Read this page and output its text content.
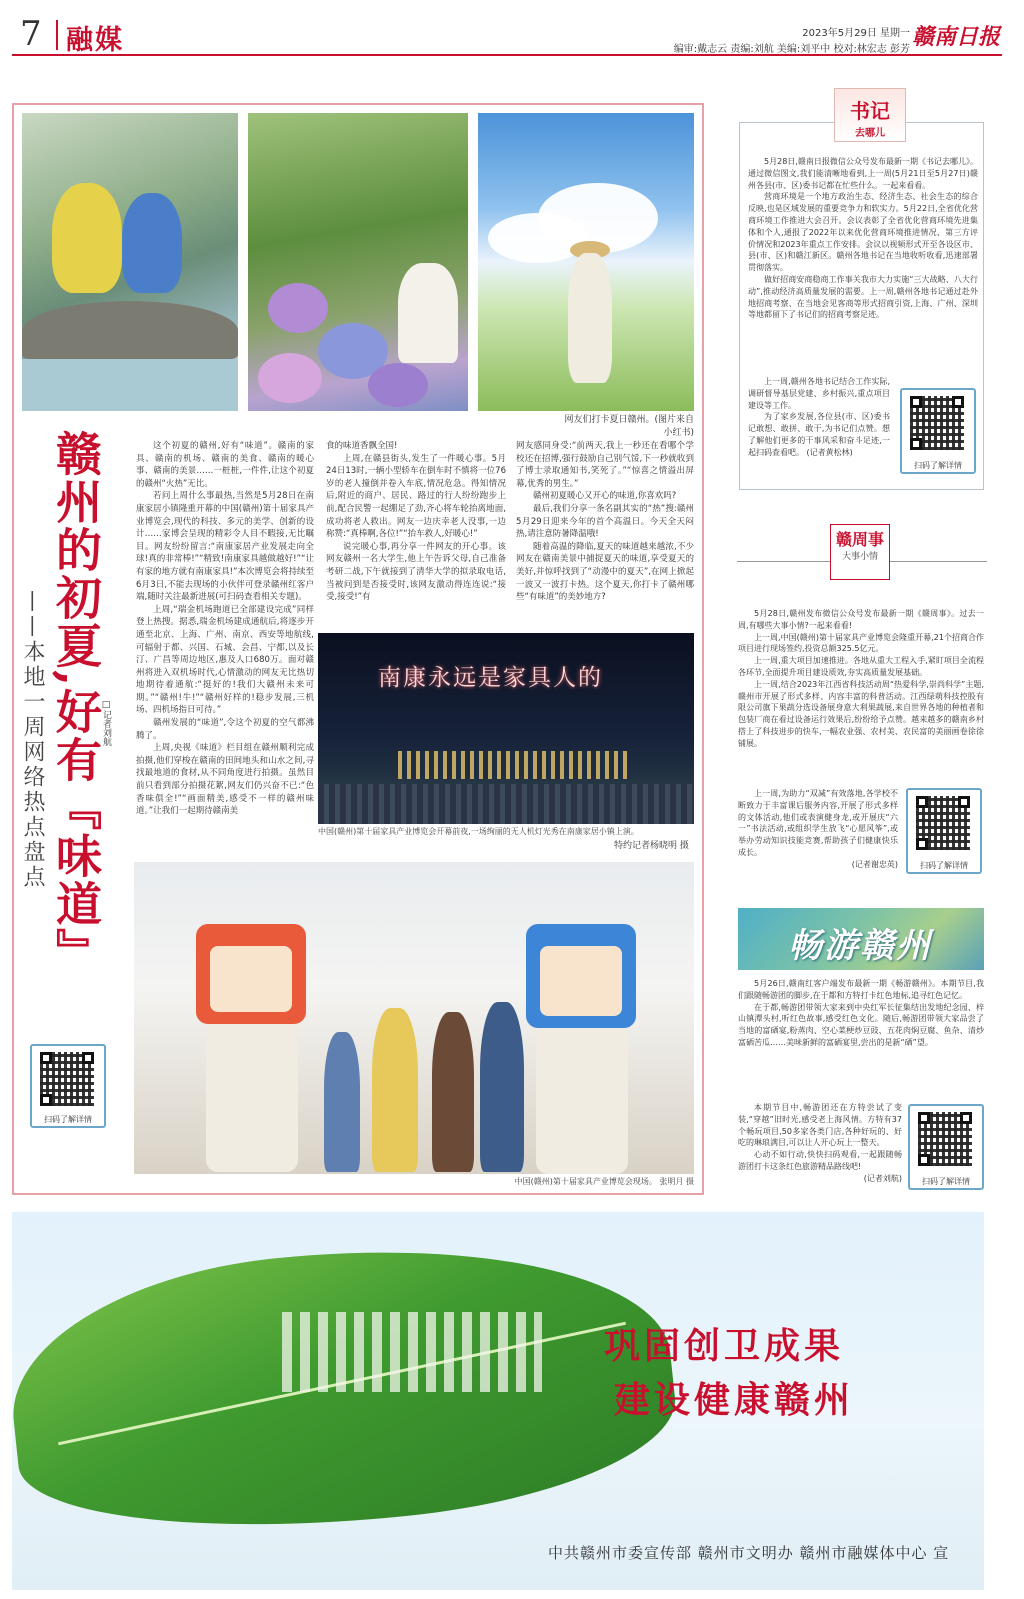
7 融媒	2023年5月29日 星期一
编审:戴志云 责编:刘航 美编:刘平中 校对:林宏志 彭芳 赣南日报
网友们打卡夏日赣州。(图片来自小红书)
赣州的初夏,好有『味道』
□记者刘航
——本地一周网络热点盘点
扫码了解详情

这个初夏的赣州,好有“味道”。赣南的家具、赣南的机场、赣南的美食、赣南的暖心事、赣南的美景……一桩桩,一件件,让这个初夏的赣州“火热”无比。

若问上周什么事最热,当然是5月28日在南康家居小镇隆重开幕的中国(赣州)第十届家具产业博览会,现代的科技、多元的美学、创新的设计……家博会呈现的精彩令人目不暇接,无比瞩目。网友纷纷留言:“南康家居产业发展走向全球!真的非常棒!”“精致!南康家具越做越好!”“让有家的地方就有南康家具!”本次博览会将持续至6月3日,不能去现场的小伙伴可登录赣州红客户端,随时关注最新进展(可扫码查看相关专题)。

上周,“瑞金机场跑道已全部建设完成”同样登上热搜。据悉,瑞金机场建成通航后,将逐步开通至北京、上海、广州、南京、西安等地航线,可辐射于都、兴国、石城、会昌、宁都,以及长汀、广昌等周边地区,惠及人口680万。面对赣州将进入双机场时代,心情激动的网友无比热切地期待着通航:“挺好的!我们大赣州未来可期。”“赣州!牛!”“赣州好样的!稳步发展,三机场、四机场指日可待。”

赣州发展的“味道”,令这个初夏的空气都沸腾了。

上周,央视《味道》栏目组在赣州顺利完成拍摄,他们穿梭在赣南的田间地头和山水之间,寻找最地道的食材,从不同角度进行拍摄。虽然目前只看到部分拍摄花絮,网友们仍兴奋不已:“色香味俱全!”“画面精美,感受不一样的赣州味道。”让我们一起期待赣南美

食的味道香飘全国!

上周,在赣县街头,发生了一件暖心事。5月24日13时,一辆小型轿车在倒车时不慎将一位76岁的老人撞倒并卷入车底,情况危急。得知情况后,附近的商户、居民、路过的行人纷纷跑步上前,配合民警一起绷足了劲,齐心将车轮抬离地面,成功将老人救出。网友一边庆幸老人没事,一边称赞:“真棒啊,各位!”“抬车救人,好暖心!”

说完暖心事,再分享一件网友的开心事。该网友赣州一名大学生,他上午告诉父母,自己准备考研二战,下午就接到了清华大学的拟录取电话,当被问到是否接受时,该网友激动得连连说:“接受,接受!”有

网友感同身受:“前两天,我上一秒还在看哪个学校还在招博,强行鼓励自己别气馁,下一秒就收到了博士录取通知书,笑死了。”“惊喜之情溢出屏幕,优秀的男生。”

赣州初夏暖心又开心的味道,你喜欢吗?

最后,我们分享一条名副其实的“热”搜:赣州5月29日迎来今年的首个高温日。今天全天闷热,请注意防暑降温哦!

随着高温的降临,夏天的味道越来越浓,不少网友在赣南美景中捕捉夏天的味道,享受夏天的美好,并惊呼找到了“动漫中的夏天”,在网上掀起一波又一波打卡热。这个夏天,你打卡了赣州哪些“有味道”的美妙地方?

南康永远是家具人的
中国(赣州)第十届家具产业博览会开幕前夜,一场绚丽的无人机灯光秀在南康家居小镇上演。
特约记者杨晓明 摄
中国(赣州)第十届家具产业博览会现场。 张明月 摄
书记
去哪儿

5月28日,赣南日报微信公众号发布最新一期《书记去哪儿》。通过微信图文,我们能清晰地看到,上一周(5月21日至5月27日)赣州各县(市、区)委书记都在忙些什么。一起来看看。

营商环境是一个地方政治生态、经济生态、社会生态的综合反映,也是区域发展的重要竞争力和软实力。5月22日,全省优化营商环境工作推进大会召开。会议表彰了全省优化营商环境先进集体和个人,通报了2022年以来优化营商环境推进情况、第三方评价情况和2023年重点工作安排。会议以视频形式开至各设区市、县(市、区)和赣江新区。赣州各地书记在当地收听收看,迅速部署贯彻落实。

做好招商安商稳商工作事关我市大力实施“三大战略、八大行动”,推动经济高质量发展的需要。上一周,赣州各地书记通过赴外地招商考察、在当地会见客商等形式招商引资,上海、广州、深圳等地都留下了书记们的招商考察足迹。

上一周,赣州各地书记结合工作实际,调研督导基层党建、乡村振兴,重点项目建设等工作。

为了家乡发展,各位县(市、区)委书记敢想、敢拼、敢干,为书记们点赞。想了解他们更多的干事风采和奋斗足迹,一起扫码查看吧。 (记者黄松林)

扫码了解详情
赣周事
大事小情

5月28日,赣州发布微信公众号发布最新一期《赣周事》。过去一周,有哪些大事小情?一起来看看!

上一周,中国(赣州)第十届家具产业博览会隆重开幕,21个招商合作项目进行现场签约,投资总额325.5亿元。

上一周,重大项目加速推进。各地从重大工程入手,紧盯项目全流程各环节,全面提升项目建设质效,夯实高质量发展基础。

上一周,结合2023年江西省科技活动周“热爱科学,崇尚科学”主题,赣州市开展了形式多样、内容丰富的科普活动。江西绿萌科技控股有限公司旗下果蔬分选设备展身意大利果蔬展,来自世界各地的种植者和包装厂商在看过设备运行效果后,纷纷给予点赞。越来越多的赣南乡村搭上了科技进步的快车,一幅农业强、农村美、农民富的美丽画卷徐徐铺展。

上一周,为助力“双减”有效落地,各学校不断致力于丰富课后服务内容,开展了形式多样的文体活动,他们或表演健身龙,或开展庆“六一”书法活动,或组织学生放飞“心愿风筝”,或举办劳动知识技能竞赛,帮助孩子们健康快乐成长。

(记者谢忠英)	扫码了解详情
畅游赣州

5月26日,赣南红客户端发布最新一期《畅游赣州》。本期节目,我们跟随畅游团的脚步,在于都和方特打卡红色地标,追寻红色记忆。

在于都,畅游团带领大家来到中央红军长征集结出发地纪念园、梓山镇潭头村,听红色故事,感受红色文化。随后,畅游团带领大家品尝了当地的富硒宴,粉蒸肉、空心菜梗炒豆豉、五花肉焖豆腐、鱼杂、清炒富硒苦瓜……美味新鲜的富硒宴里,尝出的是新“硒”望。

本期节目中,畅游团还在方特尝试了变装,“穿越”旧时光,感受老上海风情。方特有37个畅玩项目,50多家各类门店,各种好玩的、好吃的琳琅满目,可以让人开心玩上一整天。

心动不如行动,快快扫码观看,一起跟随畅游团打卡这条红色旅游精品路线吧!

(记者刘航)	扫码了解详情
巩固创卫成果
建设健康赣州
中共赣州市委宣传部 赣州市文明办 赣州市融媒体中心 宣
